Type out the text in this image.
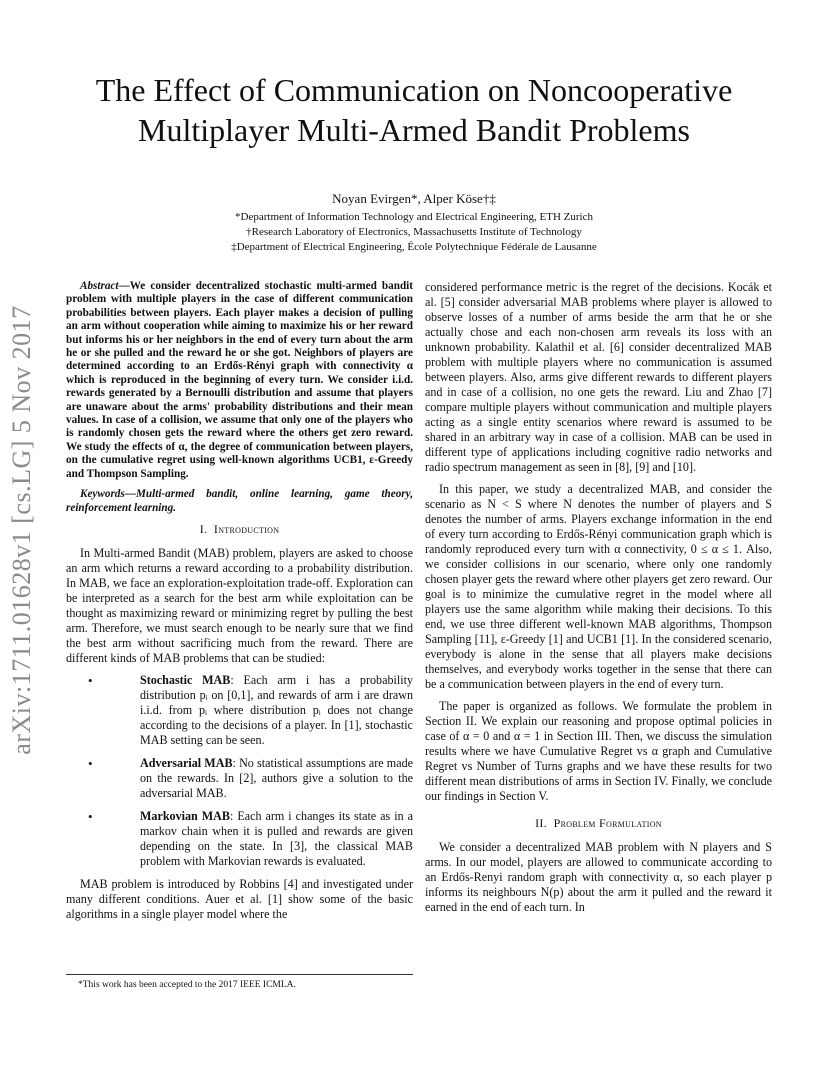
arXiv:1711.01628v1 [cs.LG] 5 Nov 2017
The Effect of Communication on Noncooperative
Multiplayer Multi-Armed Bandit Problems
Noyan Evirgen*, Alper Köse†‡
*Department of Information Technology and Electrical Engineering, ETH Zurich
†Research Laboratory of Electronics, Massachusetts Institute of Technology
‡Department of Electrical Engineering, École Polytechnique Fédérale de Lausanne

Abstract—We consider decentralized stochastic multi-armed bandit problem with multiple players in the case of different communication probabilities between players. Each player makes a decision of pulling an arm without cooperation while aiming to maximize his or her reward but informs his or her neighbors in the end of every turn about the arm he or she pulled and the reward he or she got. Neighbors of players are determined according to an Erdős-Rényi graph with connectivity α which is reproduced in the beginning of every turn. We consider i.i.d. rewards generated by a Bernoulli distribution and assume that players are unaware about the arms' probability distributions and their mean values. In case of a collision, we assume that only one of the players who is randomly chosen gets the reward where the others get zero reward. We study the effects of α, the degree of communication between players, on the cumulative regret using well-known algorithms UCB1, ε-Greedy and Thompson Sampling.

Keywords—Multi-armed bandit, online learning, game theory, reinforcement learning.

I. Introduction

In Multi-armed Bandit (MAB) problem, players are asked to choose an arm which returns a reward according to a probability distribution. In MAB, we face an exploration-exploitation trade-off. Exploration can be interpreted as a search for the best arm while exploitation can be thought as maximizing reward or minimizing regret by pulling the best arm. Therefore, we must search enough to be nearly sure that we find the best arm without sacrificing much from the reward. There are different kinds of MAB problems that can be studied:

• Stochastic MAB: Each arm i has a probability distribution pᵢ on [0,1], and rewards of arm i are drawn i.i.d. from pᵢ where distribution pᵢ does not change according to the decisions of a player. In [1], stochastic MAB setting can be seen.
• Adversarial MAB: No statistical assumptions are made on the rewards. In [2], authors give a solution to the adversarial MAB.
• Markovian MAB: Each arm i changes its state as in a markov chain when it is pulled and rewards are given depending on the state. In [3], the classical MAB problem with Markovian rewards is evaluated.

MAB problem is introduced by Robbins [4] and investigated under many different conditions. Auer et al. [1] show some of the basic algorithms in a single player model where the

*This work has been accepted to the 2017 IEEE ICMLA.

considered performance metric is the regret of the decisions. Kocák et al. [5] consider adversarial MAB problems where player is allowed to observe losses of a number of arms beside the arm that he or she actually chose and each non-chosen arm reveals its loss with an unknown probability. Kalathil et al. [6] consider decentralized MAB problem with multiple players where no communication is assumed between players. Also, arms give different rewards to different players and in case of a collision, no one gets the reward. Liu and Zhao [7] compare multiple players without communication and multiple players acting as a single entity scenarios where reward is assumed to be shared in an arbitrary way in case of a collision. MAB can be used in different type of applications including cognitive radio networks and radio spectrum management as seen in [8], [9] and [10].

In this paper, we study a decentralized MAB, and consider the scenario as N < S where N denotes the number of players and S denotes the number of arms. Players exchange information in the end of every turn according to Erdős-Rényi communication graph which is randomly reproduced every turn with α connectivity, 0 ≤ α ≤ 1. Also, we consider collisions in our scenario, where only one randomly chosen player gets the reward where other players get zero reward. Our goal is to minimize the cumulative regret in the model where all players use the same algorithm while making their decisions. To this end, we use three different well-known MAB algorithms, Thompson Sampling [11], ε-Greedy [1] and UCB1 [1]. In the considered scenario, everybody is alone in the sense that all players make decisions themselves, and everybody works together in the sense that there can be a communication between players in the end of every turn.

The paper is organized as follows. We formulate the problem in Section II. We explain our reasoning and propose optimal policies in case of α = 0 and α = 1 in Section III. Then, we discuss the simulation results where we have Cumulative Regret vs α graph and Cumulative Regret vs Number of Turns graphs and we have these results for two different mean distributions of arms in Section IV. Finally, we conclude our findings in Section V.

II. Problem Formulation

We consider a decentralized MAB problem with N players and S arms. In our model, players are allowed to communicate according to an Erdős-Renyi random graph with connectivity α, so each player p informs its neighbours N(p) about the arm it pulled and the reward it earned in the end of each turn. In
